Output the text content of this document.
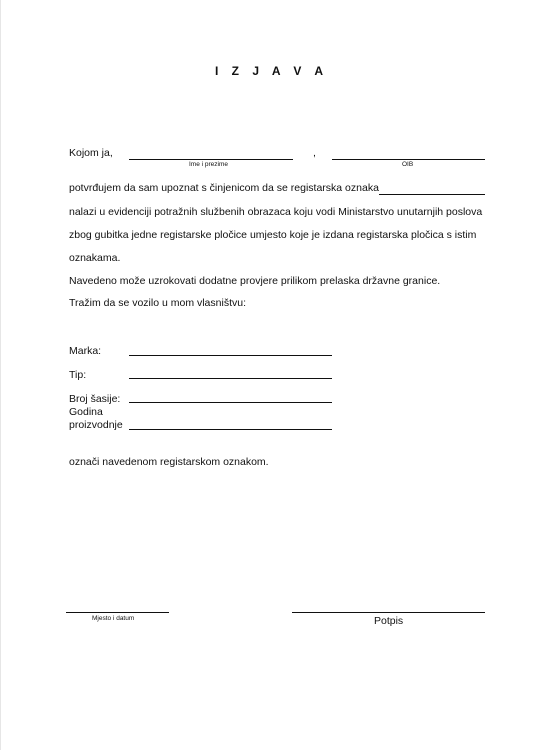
I Z J A V A
Kojom ja,	,
Ime i prezime	OIB
potvrđujem da sam upoznat s činjenicom da se registarska oznaka
nalazi u evidenciji potražnih službenih obrazaca koju vodi Ministarstvo unutarnjih poslova
zbog gubitka jedne registarske pločice umjesto koje je izdana registarska pločica s istim
oznakama.
Navedeno može uzrokovati dodatne provjere prilikom prelaska državne granice.
Tražim da se vozilo u mom vlasništvu:
Marka:
Tip:
Broj šasije:
Godina
proizvodnje
označi navedenom registarskom oznakom.
Mjesto i datum	Potpis
